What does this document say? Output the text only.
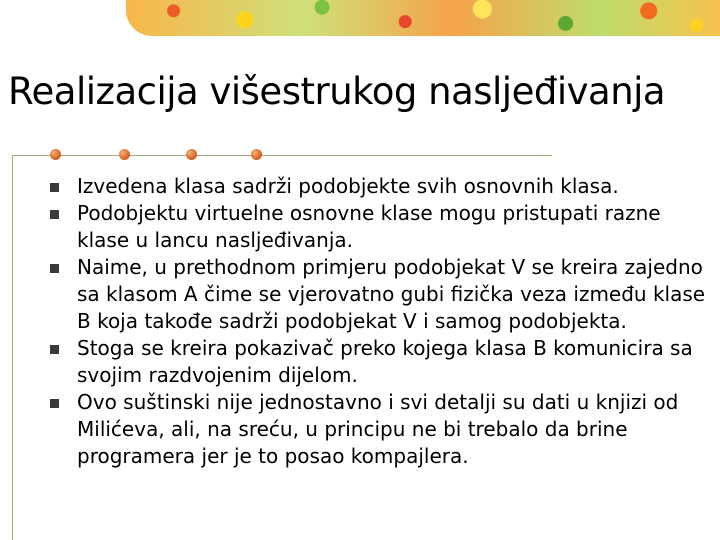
Realizacija višestrukog nasljeđivanja
Izvedena klasa sadrži podobjekte svih osnovnih klasa.
Podobjektu virtuelne osnovne klase mogu pristupati razne klase u lancu nasljeđivanja.
Naime, u prethodnom primjeru podobjekat V se kreira zajedno sa klasom A čime se vjerovatno gubi fizička veza između klase B koja takođe sadrži podobjekat V i samog podobjekta.
Stoga se kreira pokazivač preko kojega klasa B komunicira sa svojim razdvojenim dijelom.
Ovo suštinski nije jednostavno i svi detalji su dati u knjizi od Milićeva, ali, na sreću, u principu ne bi trebalo da brine programera jer je to posao kompajlera.
